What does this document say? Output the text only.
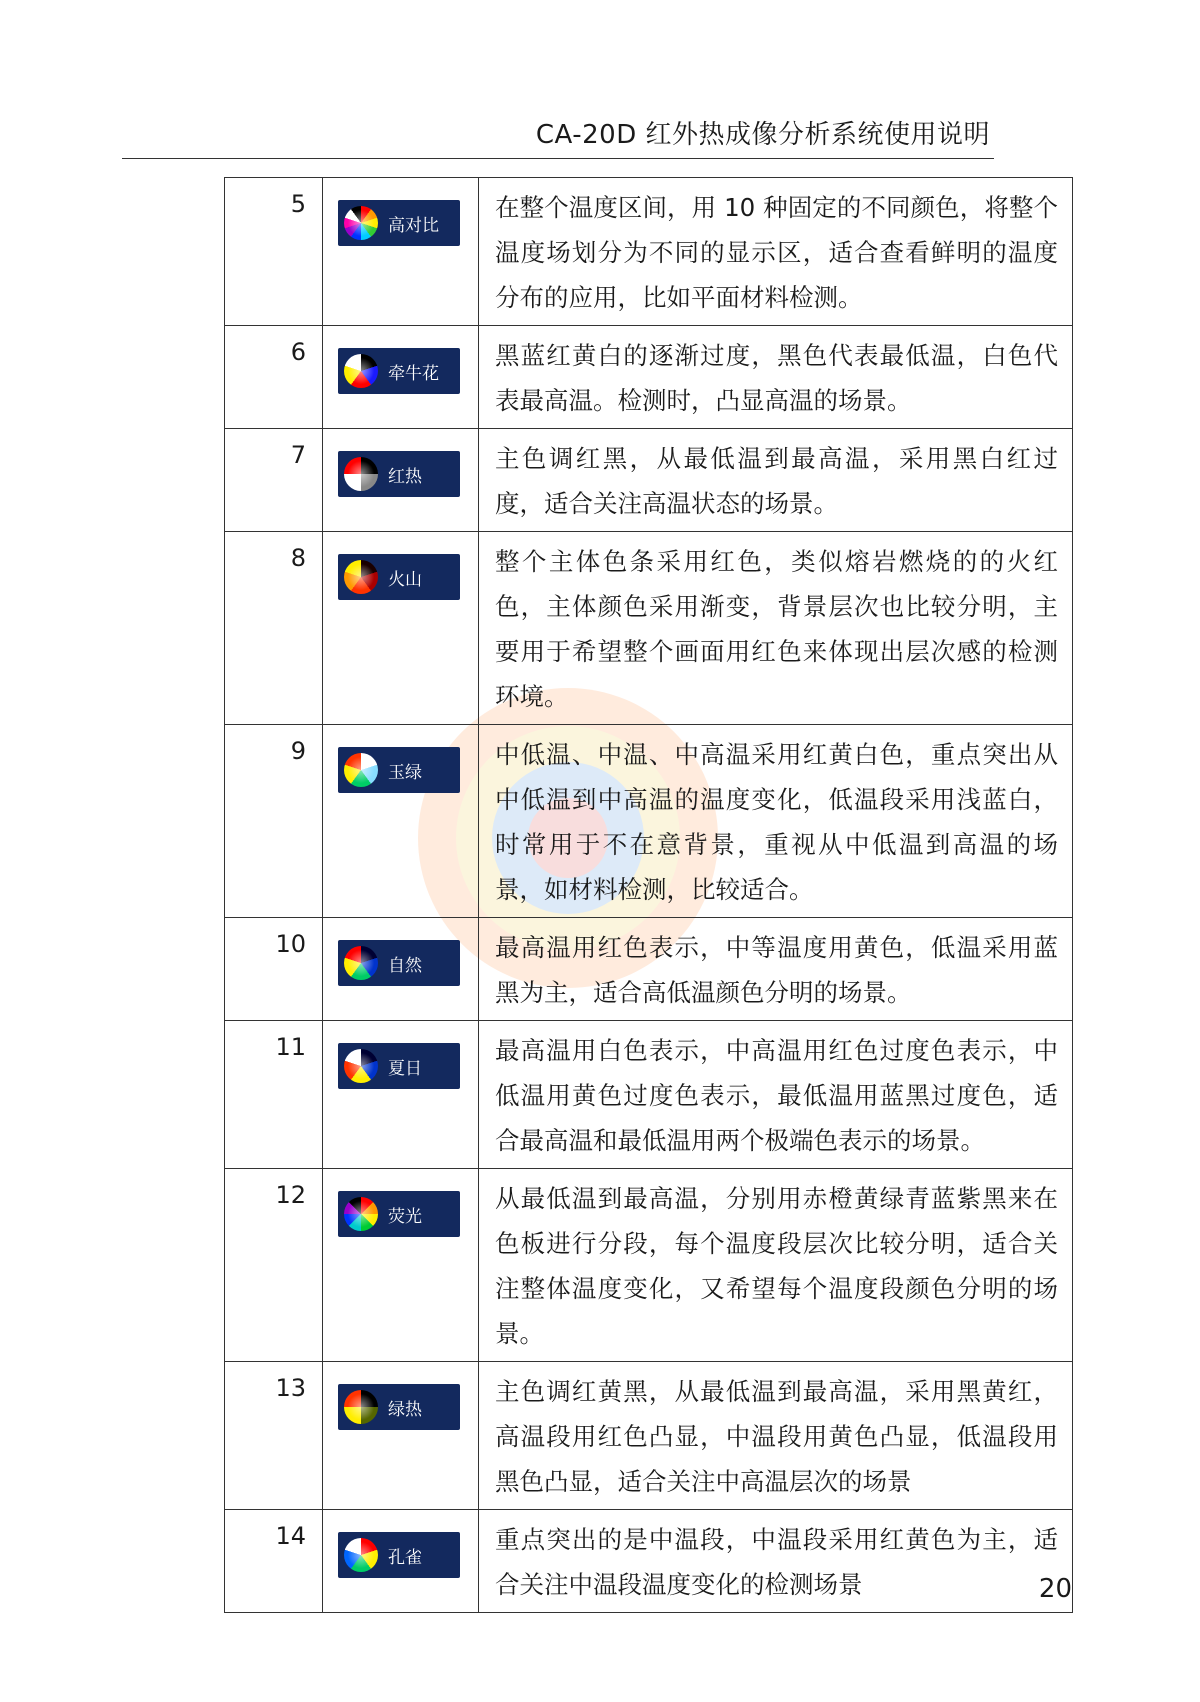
CA-20D 红外热成像分析系统使用说明
5	高对比	在整个温度区间，用 10 种固定的不同颜色，将整个温度场划分为不同的显示区，适合查看鲜明的温度分布的应用，比如平面材料检测。
6	牵牛花	黑蓝红黄白的逐渐过度，黑色代表最低温，白色代表最高温。检测时，凸显高温的场景。
7	红热	主色调红黑，从最低温到最高温，采用黑白红过度，适合关注高温状态的场景。
8	火山	整个主体色条采用红色，类似熔岩燃烧的的火红色，主体颜色采用渐变，背景层次也比较分明，主要用于希望整个画面用红色来体现出层次感的检测环境。
9	玉绿	中低温、中温、中高温采用红黄白色，重点突出从中低温到中高温的温度变化，低温段采用浅蓝白，时常用于不在意背景，重视从中低温到高温的场景，如材料检测，比较适合。
10	自然	最高温用红色表示，中等温度用黄色，低温采用蓝黑为主，适合高低温颜色分明的场景。
11	夏日	最高温用白色表示，中高温用红色过度色表示，中低温用黄色过度色表示，最低温用蓝黑过度色，适合最高温和最低温用两个极端色表示的场景。
12	荧光	从最低温到最高温，分别用赤橙黄绿青蓝紫黑来在色板进行分段，每个温度段层次比较分明，适合关注整体温度变化，又希望每个温度段颜色分明的场景。
13	绿热	主色调红黄黑，从最低温到最高温，采用黑黄红，高温段用红色凸显，中温段用黄色凸显，低温段用黑色凸显，适合关注中高温层次的场景
14	孔雀	重点突出的是中温段，中温段采用红黄色为主，适合关注中温段温度变化的检测场景	20
